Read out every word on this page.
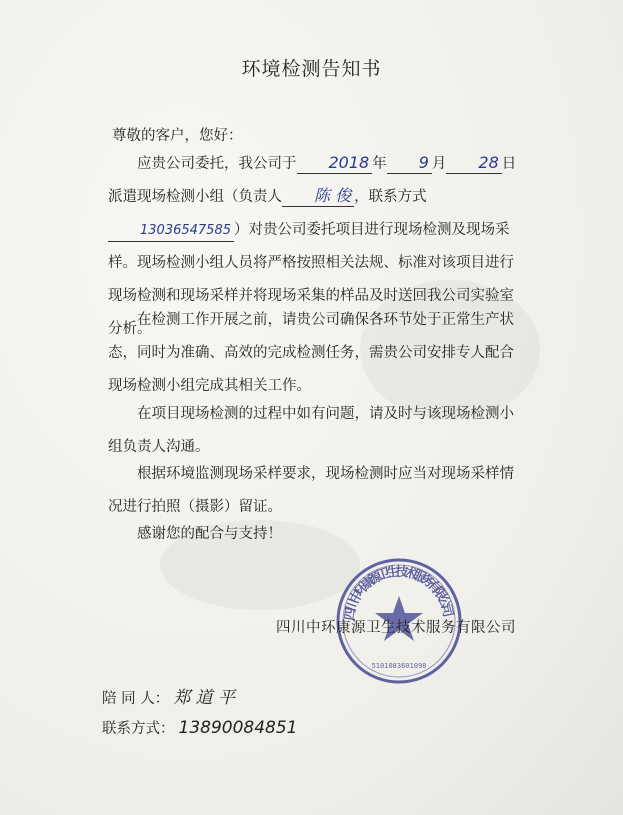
环境检测告知书
尊敬的客户，您好：
应贵公司委托，我公司于 2018 年 9 月 28 日派遣现场检测小组（负责人 陈 俊 ，联系方式13036547585 ）对贵公司委托项目进行现场检测及现场采样。现场检测小组人员将严格按照相关法规、标准对该项目进行现场检测和现场采样并将现场采集的样品及时送回我公司实验室分析。
在检测工作开展之前，请贵公司确保各环节处于正常生产状态，同时为准确、高效的完成检测任务，需贵公司安排专人配合现场检测小组完成其相关工作。
在项目现场检测的过程中如有问题，请及时与该现场检测小组负责人沟通。
根据环境监测现场采样要求，现场检测时应当对现场采样情况进行拍照（摄影）留证。
感谢您的配合与支持！
四川中环康源卫生技术服务有限公司
5101083601098
四川中环康源卫生技术服务有限公司
陪 同 人： 郑 道 平
联系方式： 13890084851
